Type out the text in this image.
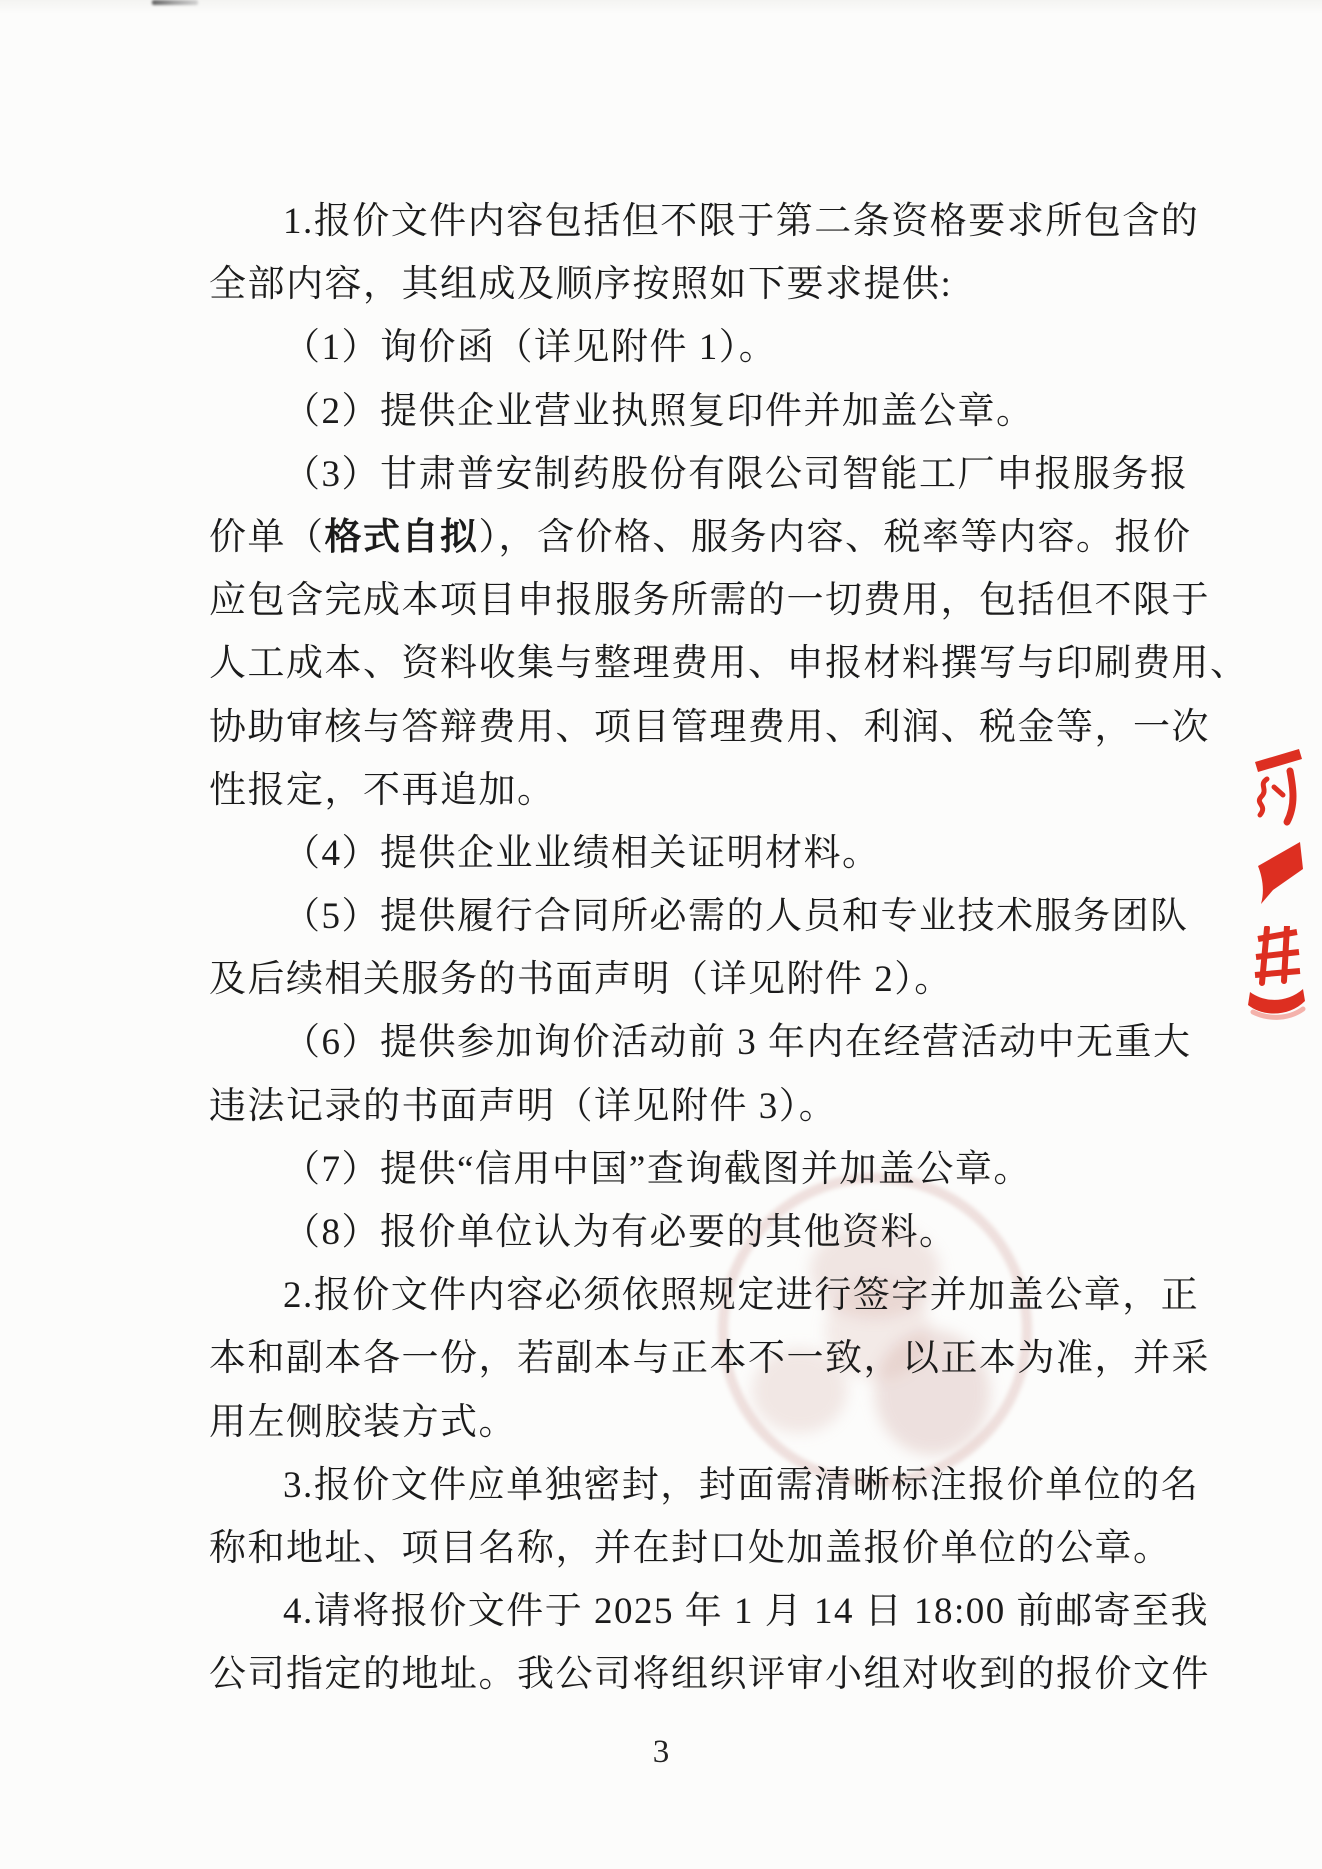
1.报价文件内容包括但不限于第二条资格要求所包含的
全部内容，其组成及顺序按照如下要求提供:
（1）询价函（详见附件 1）。
（2）提供企业营业执照复印件并加盖公章。
（3）甘肃普安制药股份有限公司智能工厂申报服务报
价单（格式自拟），含价格、服务内容、税率等内容。报价
应包含完成本项目申报服务所需的一切费用，包括但不限于
人工成本、资料收集与整理费用、申报材料撰写与印刷费用、
协助审核与答辩费用、项目管理费用、利润、税金等，一次
性报定，不再追加。
（4）提供企业业绩相关证明材料。
（5）提供履行合同所必需的人员和专业技术服务团队
及后续相关服务的书面声明（详见附件 2）。
（6）提供参加询价活动前 3 年内在经营活动中无重大
违法记录的书面声明（详见附件 3）。
（7）提供“信用中国”查询截图并加盖公章。
（8）报价单位认为有必要的其他资料。
2.报价文件内容必须依照规定进行签字并加盖公章，正
本和副本各一份，若副本与正本不一致，以正本为准，并采
用左侧胶装方式。
3.报价文件应单独密封，封面需清晰标注报价单位的名
称和地址、项目名称，并在封口处加盖报价单位的公章。
4.请将报价文件于 2025 年 1 月 14 日 18:00 前邮寄至我
公司指定的地址。我公司将组织评审小组对收到的报价文件
3
